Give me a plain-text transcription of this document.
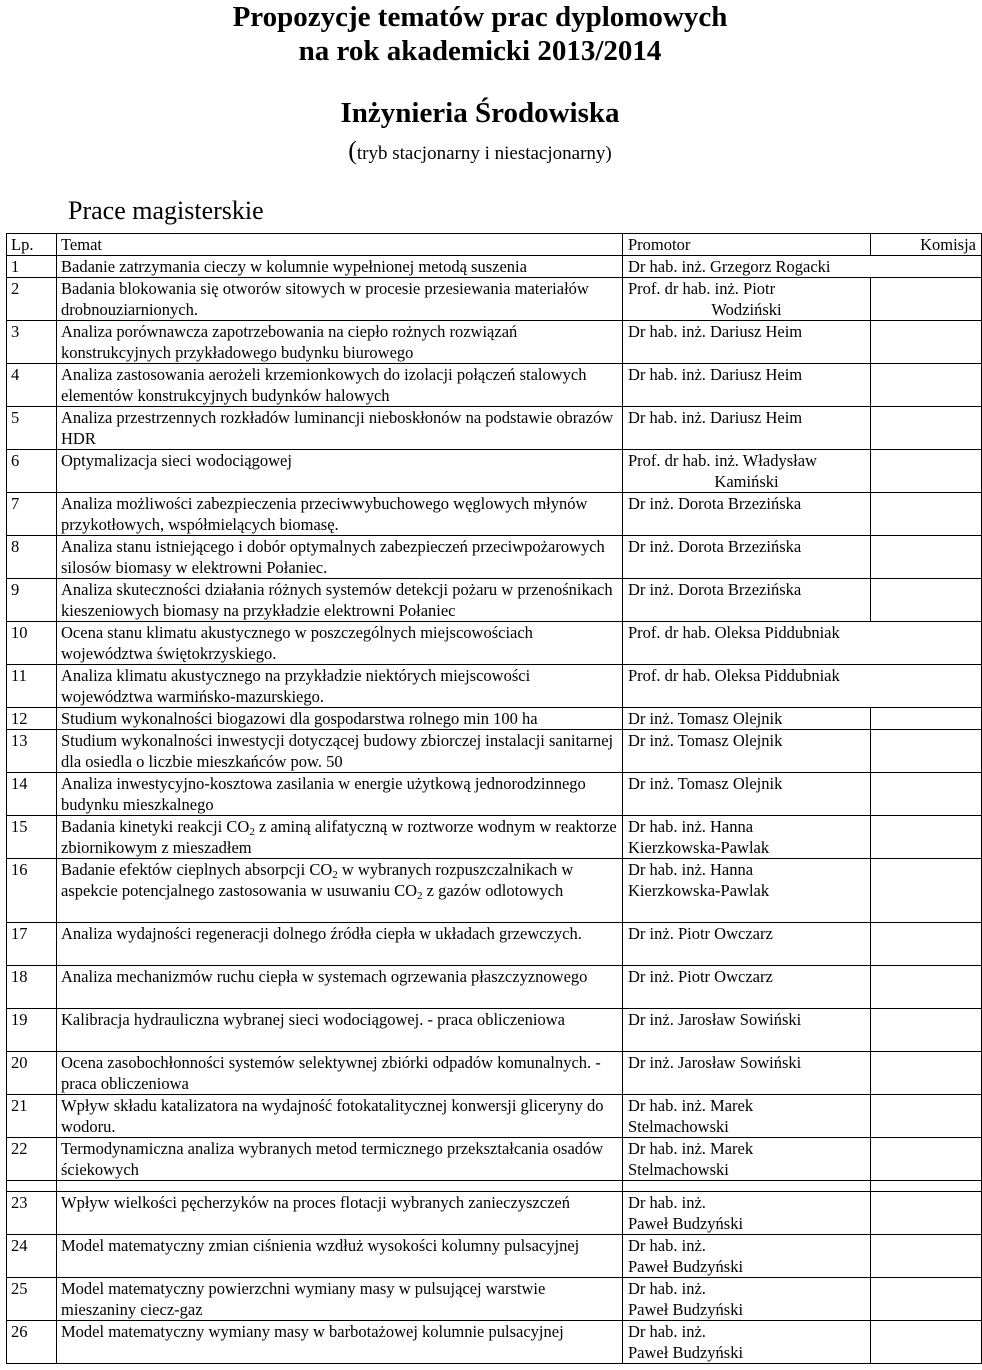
Propozycje tematów prac dyplomowych
na rok akademicki 2013/2014
Inżynieria Środowiska
(tryb stacjonarny i niestacjonarny)
Prace magisterskie
Lp.	Temat	Promotor	Komisja
1	Badanie zatrzymania cieczy w kolumnie wypełnionej metodą suszenia	Dr hab. inż. Grzegorz Rogacki	
2	Badania blokowania się otworów sitowych w procesie przesiewania materiałów drobnouziarnionych.	Prof. dr hab. inż. Piotr
Wodziński	

3	Analiza porównawcza zapotrzebowania na ciepło rożnych rozwiązań konstrukcyjnych przykładowego budynku biurowego	Dr hab. inż. Dariusz Heim	
4	Analiza zastosowania aerożeli krzemionkowych do izolacji połączeń stalowych elementów konstrukcyjnych budynków halowych	Dr hab. inż. Dariusz Heim	
5	Analiza przestrzennych rozkładów luminancji nieboskłonów na podstawie obrazów HDR	Dr hab. inż. Dariusz Heim	
6	Optymalizacja sieci wodociągowej	Prof. dr hab. inż. Władysław
Kamiński	

7	Analiza możliwości zabezpieczenia przeciwwybuchowego węglowych młynów przykotłowych, współmielących biomasę.	Dr inż. Dorota Brzezińska	
8	Analiza stanu istniejącego i dobór optymalnych zabezpieczeń przeciwpożarowych silosów biomasy w elektrowni Połaniec.	Dr inż. Dorota Brzezińska	
9	Analiza skuteczności działania różnych systemów detekcji pożaru w przenośnikach kieszeniowych biomasy na przykładzie elektrowni Połaniec	Dr inż. Dorota Brzezińska	
10	Ocena stanu klimatu akustycznego w poszczególnych miejscowościach województwa świętokrzyskiego.	Prof. dr hab. Oleksa Piddubniak	
11	Analiza klimatu akustycznego na przykładzie niektórych miejscowości województwa warmińsko-mazurskiego.	Prof. dr hab. Oleksa Piddubniak	
12	Studium wykonalności biogazowi dla gospodarstwa rolnego min 100 ha	Dr inż. Tomasz Olejnik	
13	Studium wykonalności inwestycji dotyczącej budowy zbiorczej instalacji sanitarnej dla osiedla o liczbie mieszkańców pow. 50	Dr inż. Tomasz Olejnik	
14	Analiza inwestycyjno-kosztowa zasilania w energie użytkową jednorodzinnego budynku mieszkalnego	Dr inż. Tomasz Olejnik	
15	Badania kinetyki reakcji $CO_2$ z aminą alifatyczną w roztworze wodnym w reaktorze zbiornikowym z mieszadłem	Dr hab. inż. Hanna
Kierzkowska-Pawlak	

16	Badanie efektów cieplnych absorpcji $CO_2$ w wybranych rozpuszczalnikach w aspekcie potencjalnego zastosowania w usuwaniu $CO_2$ z gazów odlotowych	Dr hab. inż. Hanna
Kierzkowska-Pawlak	

17	Analiza wydajności regeneracji dolnego źródła ciepła w układach grzewczych.	Dr inż. Piotr Owczarz	
18	Analiza mechanizmów ruchu ciepła w systemach ogrzewania płaszczyznowego	Dr inż. Piotr Owczarz	
19	Kalibracja hydrauliczna wybranej sieci wodociągowej. - praca obliczeniowa	Dr inż. Jarosław Sowiński	
20	Ocena zasobochłonności systemów selektywnej zbiórki odpadów komunalnych. - praca obliczeniowa	Dr inż. Jarosław Sowiński	
21	Wpływ składu katalizatora na wydajność fotokatalitycznej konwersji gliceryny do wodoru.	Dr hab. inż. Marek
Stelmachowski	

22	Termodynamiczna analiza wybranych metod termicznego przekształcania osadów ściekowych	Dr hab. inż. Marek
Stelmachowski	

23	Wpływ wielkości pęcherzyków na proces flotacji wybranych zanieczyszczeń	Dr hab. inż.
Paweł Budzyński	

24	Model matematyczny zmian ciśnienia wzdłuż wysokości kolumny pulsacyjnej	Dr hab. inż.
Paweł Budzyński	

25	Model matematyczny powierzchni wymiany masy w pulsującej warstwie mieszaniny ciecz-gaz	Dr hab. inż.
Paweł Budzyński	

26	Model matematyczny wymiany masy w barbotażowej kolumnie pulsacyjnej	Dr hab. inż.
Paweł Budzyński	
